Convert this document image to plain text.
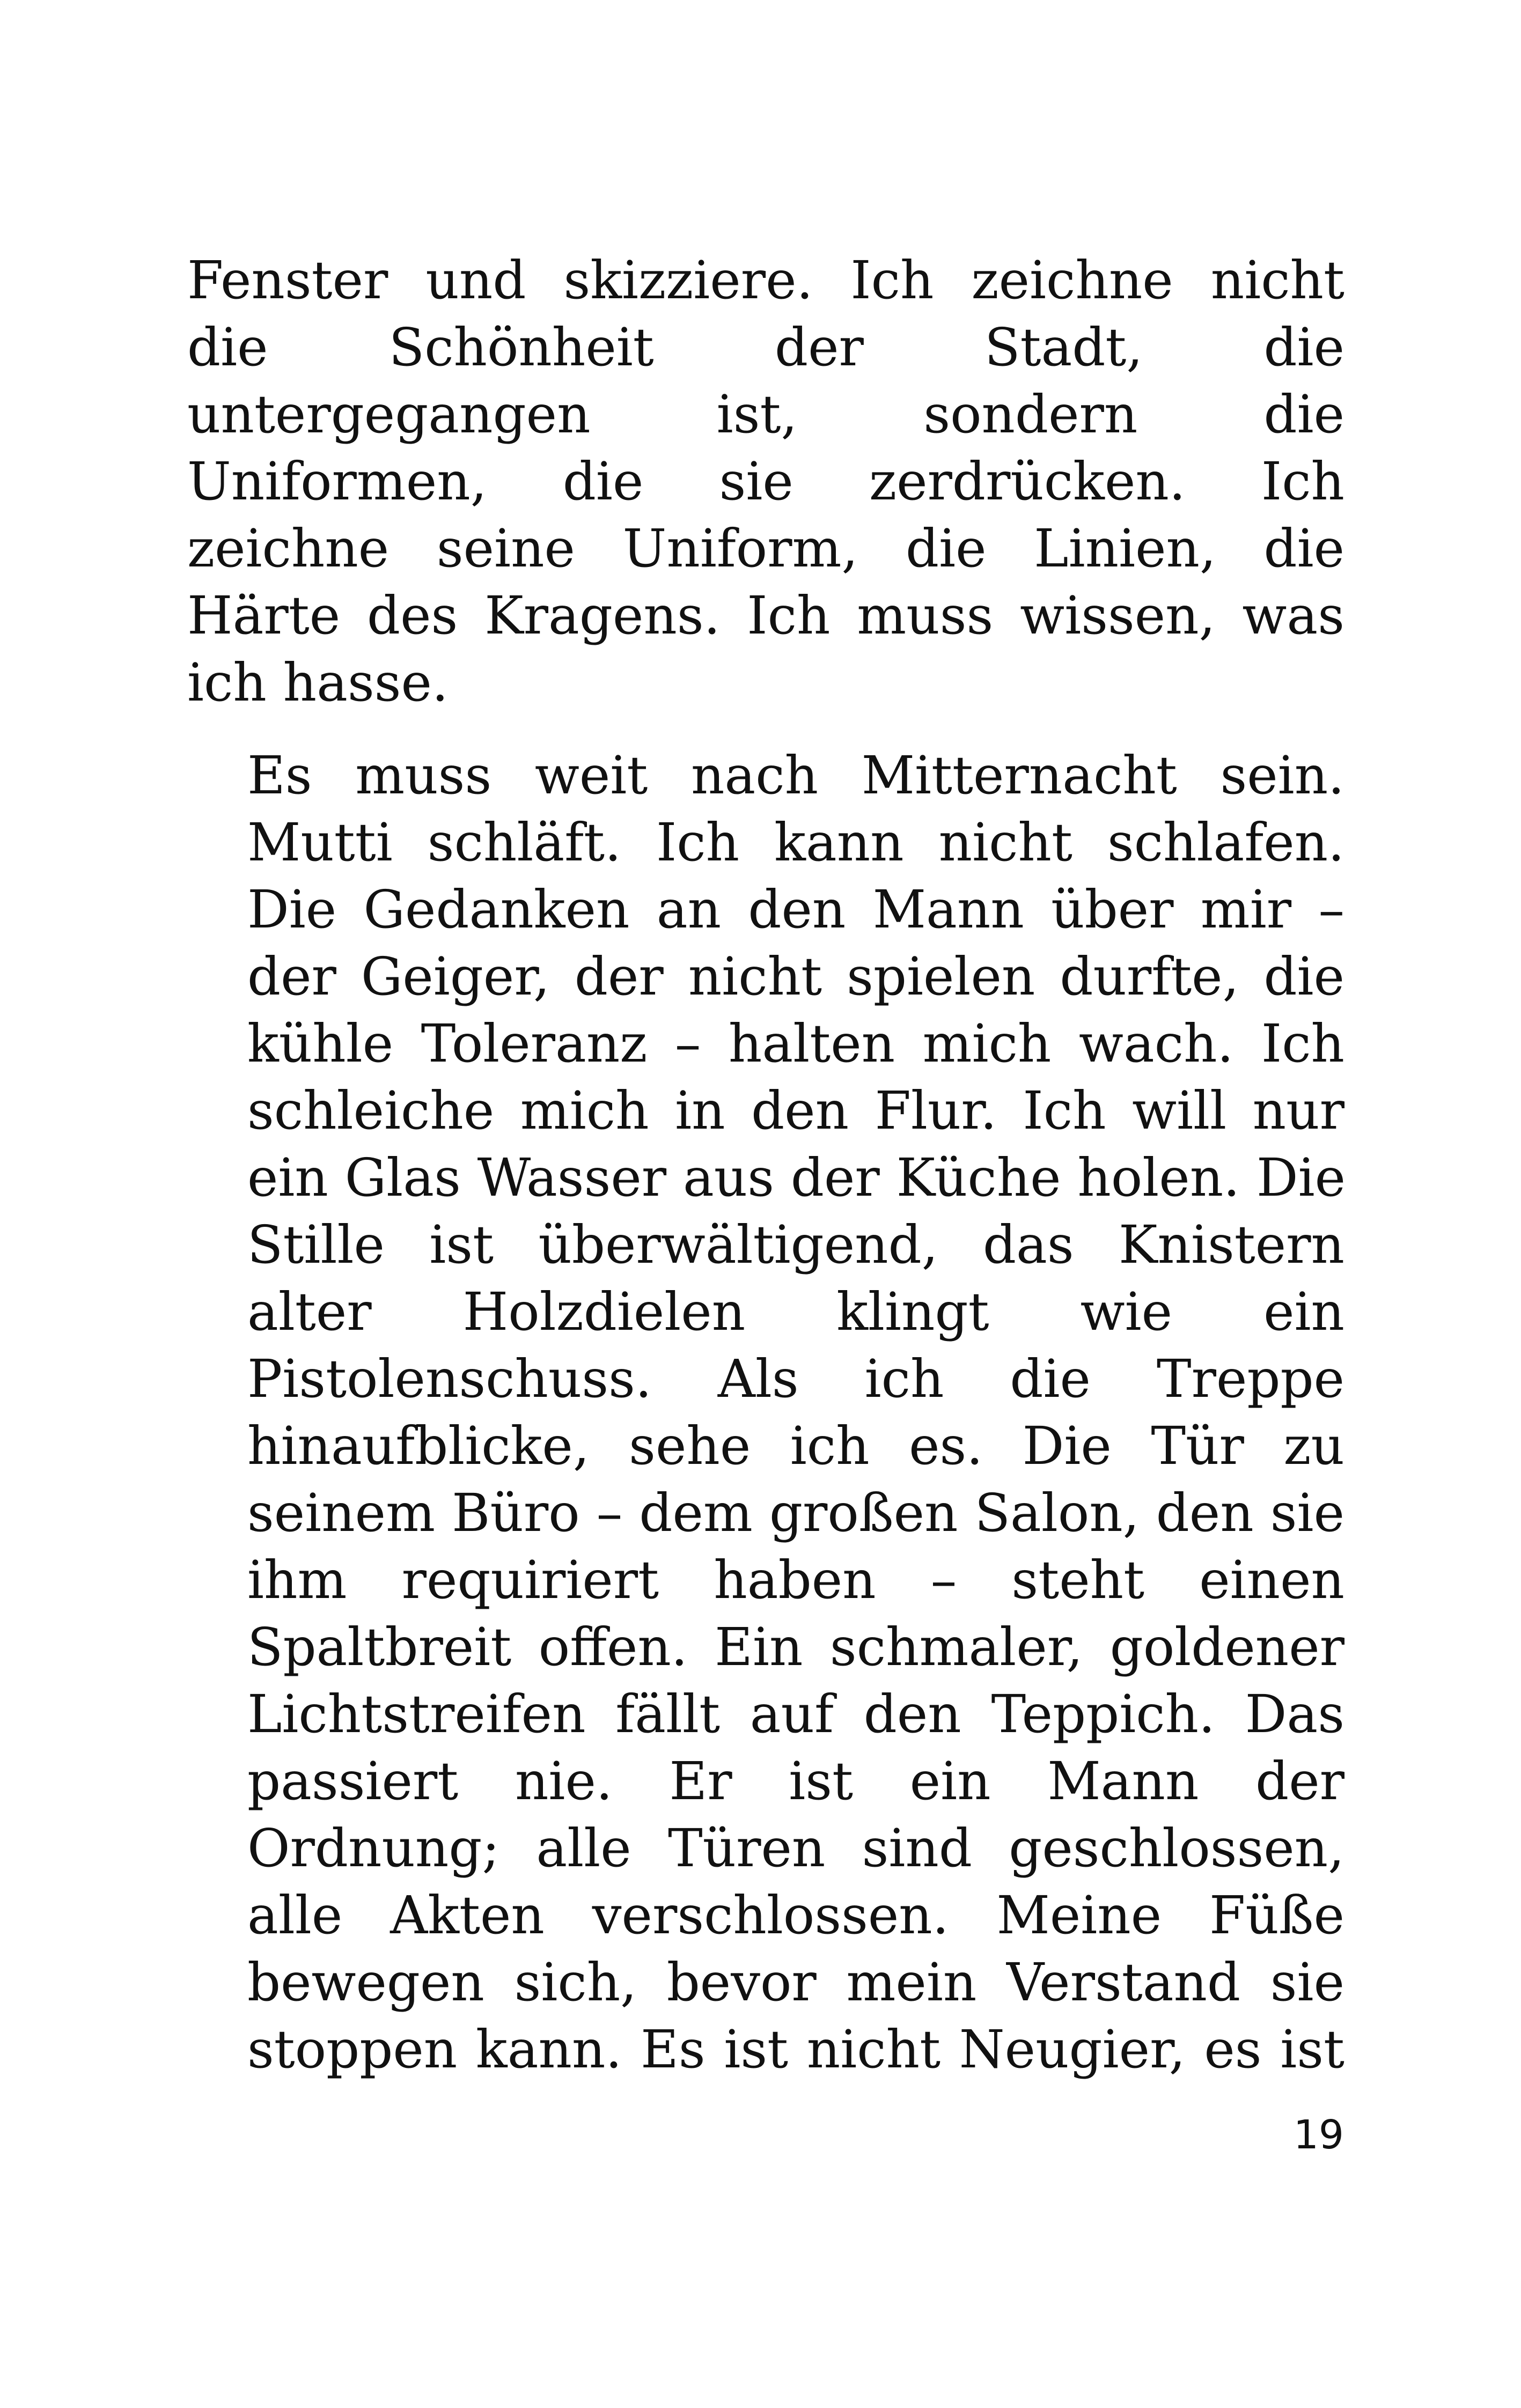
Fenster und skizziere. Ich zeichne nicht
die Schönheit der Stadt, die
untergegangen ist, sondern die
Uniformen, die sie zerdrücken. Ich
zeichne seine Uniform, die Linien, die
Härte des Kragens. Ich muss wissen, was
ich hasse.

Es muss weit nach Mitternacht sein.
Mutti schläft. Ich kann nicht schlafen.
Die Gedanken an den Mann über mir –
der Geiger, der nicht spielen durfte, die
kühle Toleranz – halten mich wach. Ich
schleiche mich in den Flur. Ich will nur
ein Glas Wasser aus der Küche holen. Die
Stille ist überwältigend, das Knistern
alter Holzdielen klingt wie ein
Pistolenschuss. Als ich die Treppe
hinaufblicke, sehe ich es. Die Tür zu
seinem Büro – dem großen Salon, den sie
ihm requiriert haben – steht einen
Spaltbreit offen. Ein schmaler, goldener
Lichtstreifen fällt auf den Teppich. Das
passiert nie. Er ist ein Mann der
Ordnung; alle Türen sind geschlossen,
alle Akten verschlossen. Meine Füße
bewegen sich, bevor mein Verstand sie
stoppen kann. Es ist nicht Neugier, es ist

19
